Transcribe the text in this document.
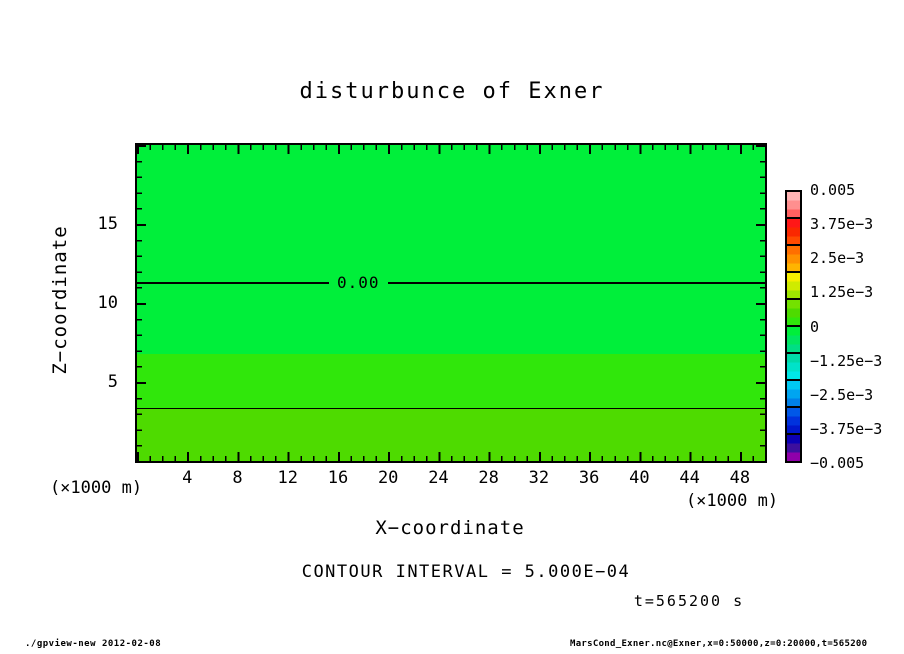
disturbunce of Exner
Z−coordinate
5
10
15
0.00
4	8	12	16	20	24	28	32	36	40	44	48
(×1000 m)
(×1000 m)
X−coordinate
CONTOUR INTERVAL = 5.000E−04
t=565200 s
0.005
3.75e−3
2.5e−3
1.25e−3
0
−1.25e−3
−2.5e−3
−3.75e−3
−0.005
./gpview-new 2012-02-08	MarsCond_Exner.nc@Exner,x=0:50000,z=0:20000,t=565200
